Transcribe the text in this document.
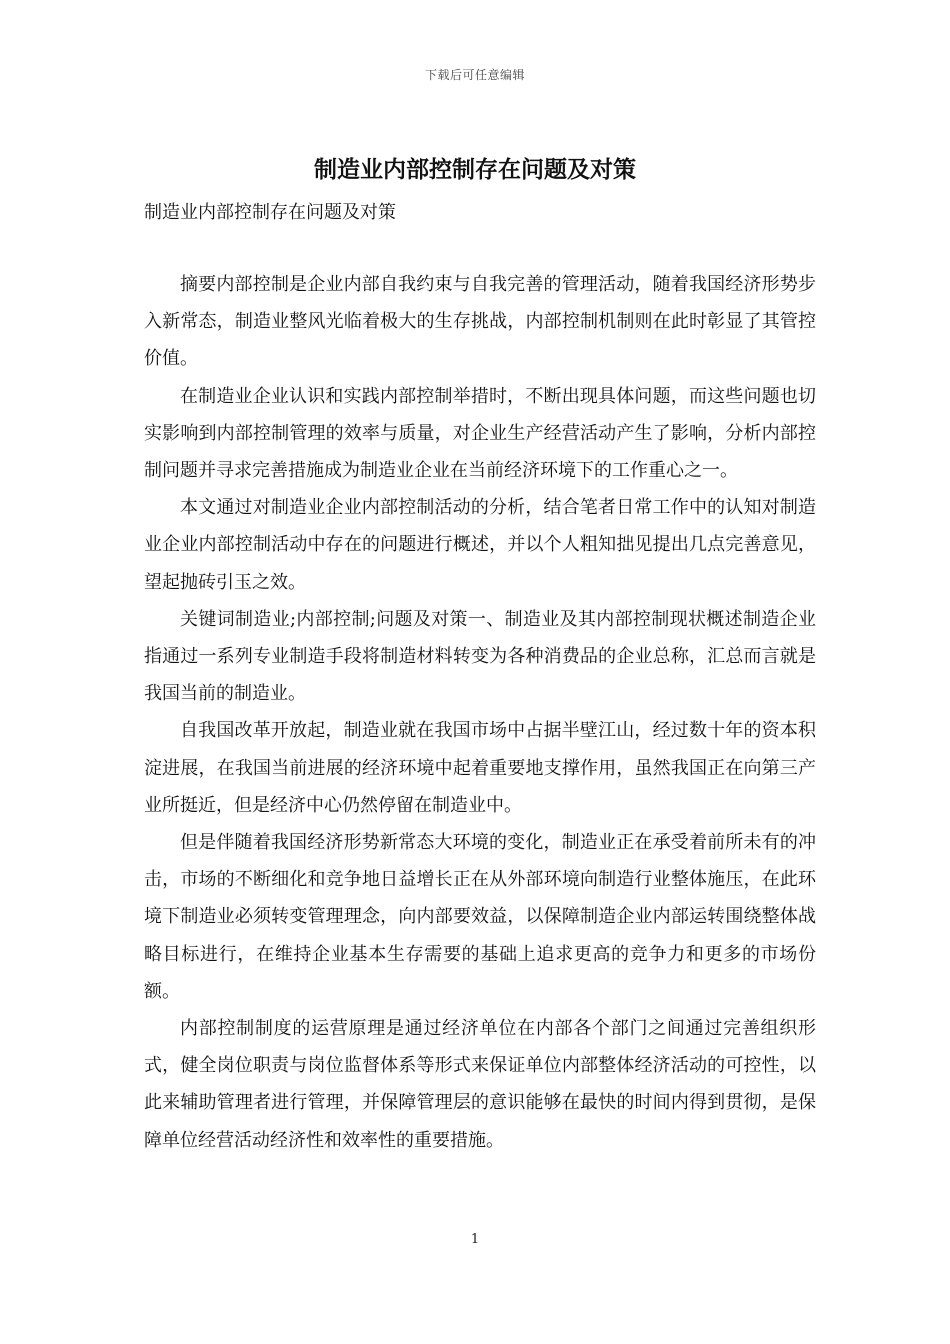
下载后可任意编辑
制造业内部控制存在问题及对策

制造业内部控制存在问题及对策

摘要内部控制是企业内部自我约束与自我完善的管理活动，随着我国经济形势步入新常态，制造业整风光临着极大的生存挑战，内部控制机制则在此时彰显了其管控价值。

在制造业企业认识和实践内部控制举措时，不断出现具体问题，而这些问题也切实影响到内部控制管理的效率与质量，对企业生产经营活动产生了影响，分析内部控制问题并寻求完善措施成为制造业企业在当前经济环境下的工作重心之一。

本文通过对制造业企业内部控制活动的分析，结合笔者日常工作中的认知对制造业企业内部控制活动中存在的问题进行概述，并以个人粗知拙见提出几点完善意见，望起抛砖引玉之效。

关键词制造业;内部控制;问题及对策一、制造业及其内部控制现状概述制造企业指通过一系列专业制造手段将制造材料转变为各种消费品的企业总称，汇总而言就是我国当前的制造业。

自我国改革开放起，制造业就在我国市场中占据半壁江山，经过数十年的资本积淀进展，在我国当前进展的经济环境中起着重要地支撑作用，虽然我国正在向第三产业所挺近，但是经济中心仍然停留在制造业中。

但是伴随着我国经济形势新常态大环境的变化，制造业正在承受着前所未有的冲击，市场的不断细化和竞争地日益增长正在从外部环境向制造行业整体施压，在此环境下制造业必须转变管理理念，向内部要效益，以保障制造企业内部运转围绕整体战略目标进行，在维持企业基本生存需要的基础上追求更高的竞争力和更多的市场份额。

内部控制制度的运营原理是通过经济单位在内部各个部门之间通过完善组织形式，健全岗位职责与岗位监督体系等形式来保证单位内部整体经济活动的可控性，以此来辅助管理者进行管理，并保障管理层的意识能够在最快的时间内得到贯彻，是保障单位经营活动经济性和效率性的重要措施。

1
